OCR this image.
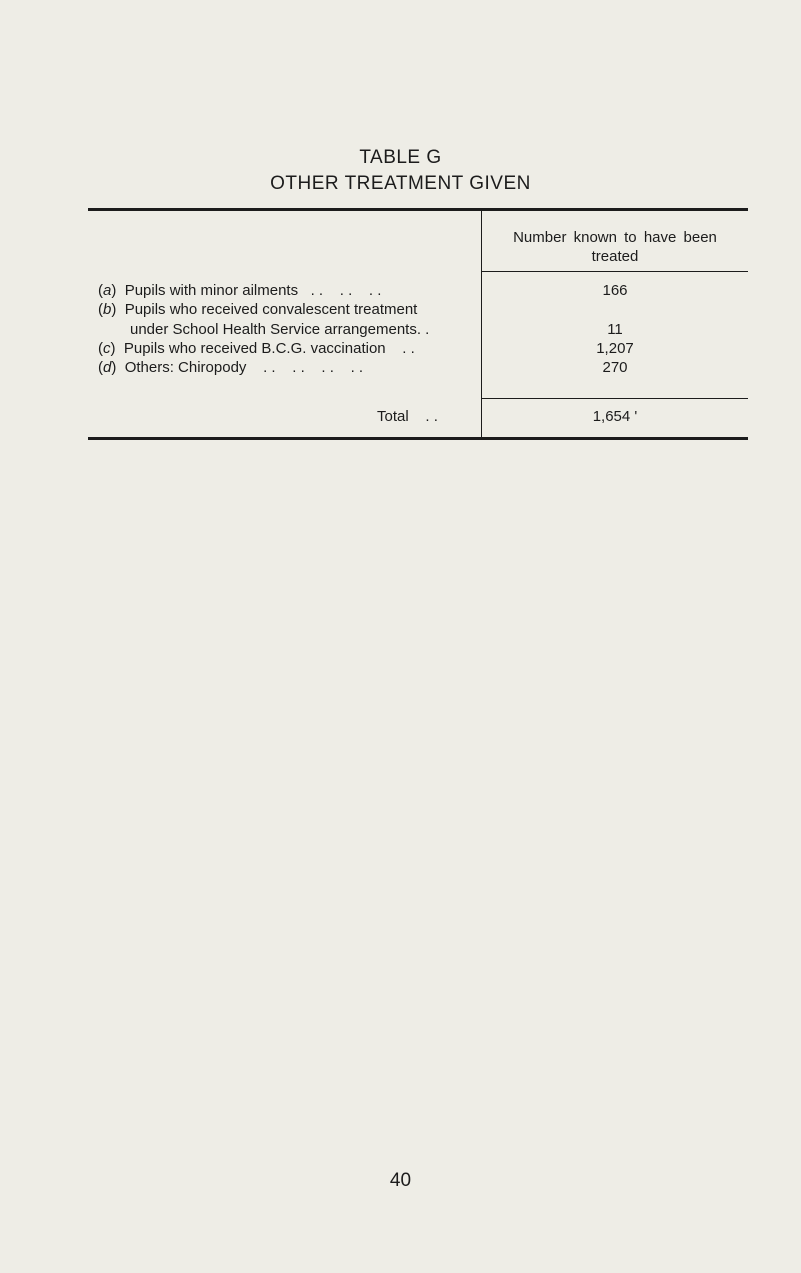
TABLE G
OTHER TREATMENT GIVEN
Number known to have been
treated
(a)  Pupils with minor ailments   . .    . .    . .	166
(b)  Pupils who received convalescent treatment
under School Health Service arrangements. .	11
(c)  Pupils who received B.C.G. vaccination    . .	1,207
(d)  Others: Chiropody    . .    . .    . .    . .	270
Total    . .	1,654 '
40
